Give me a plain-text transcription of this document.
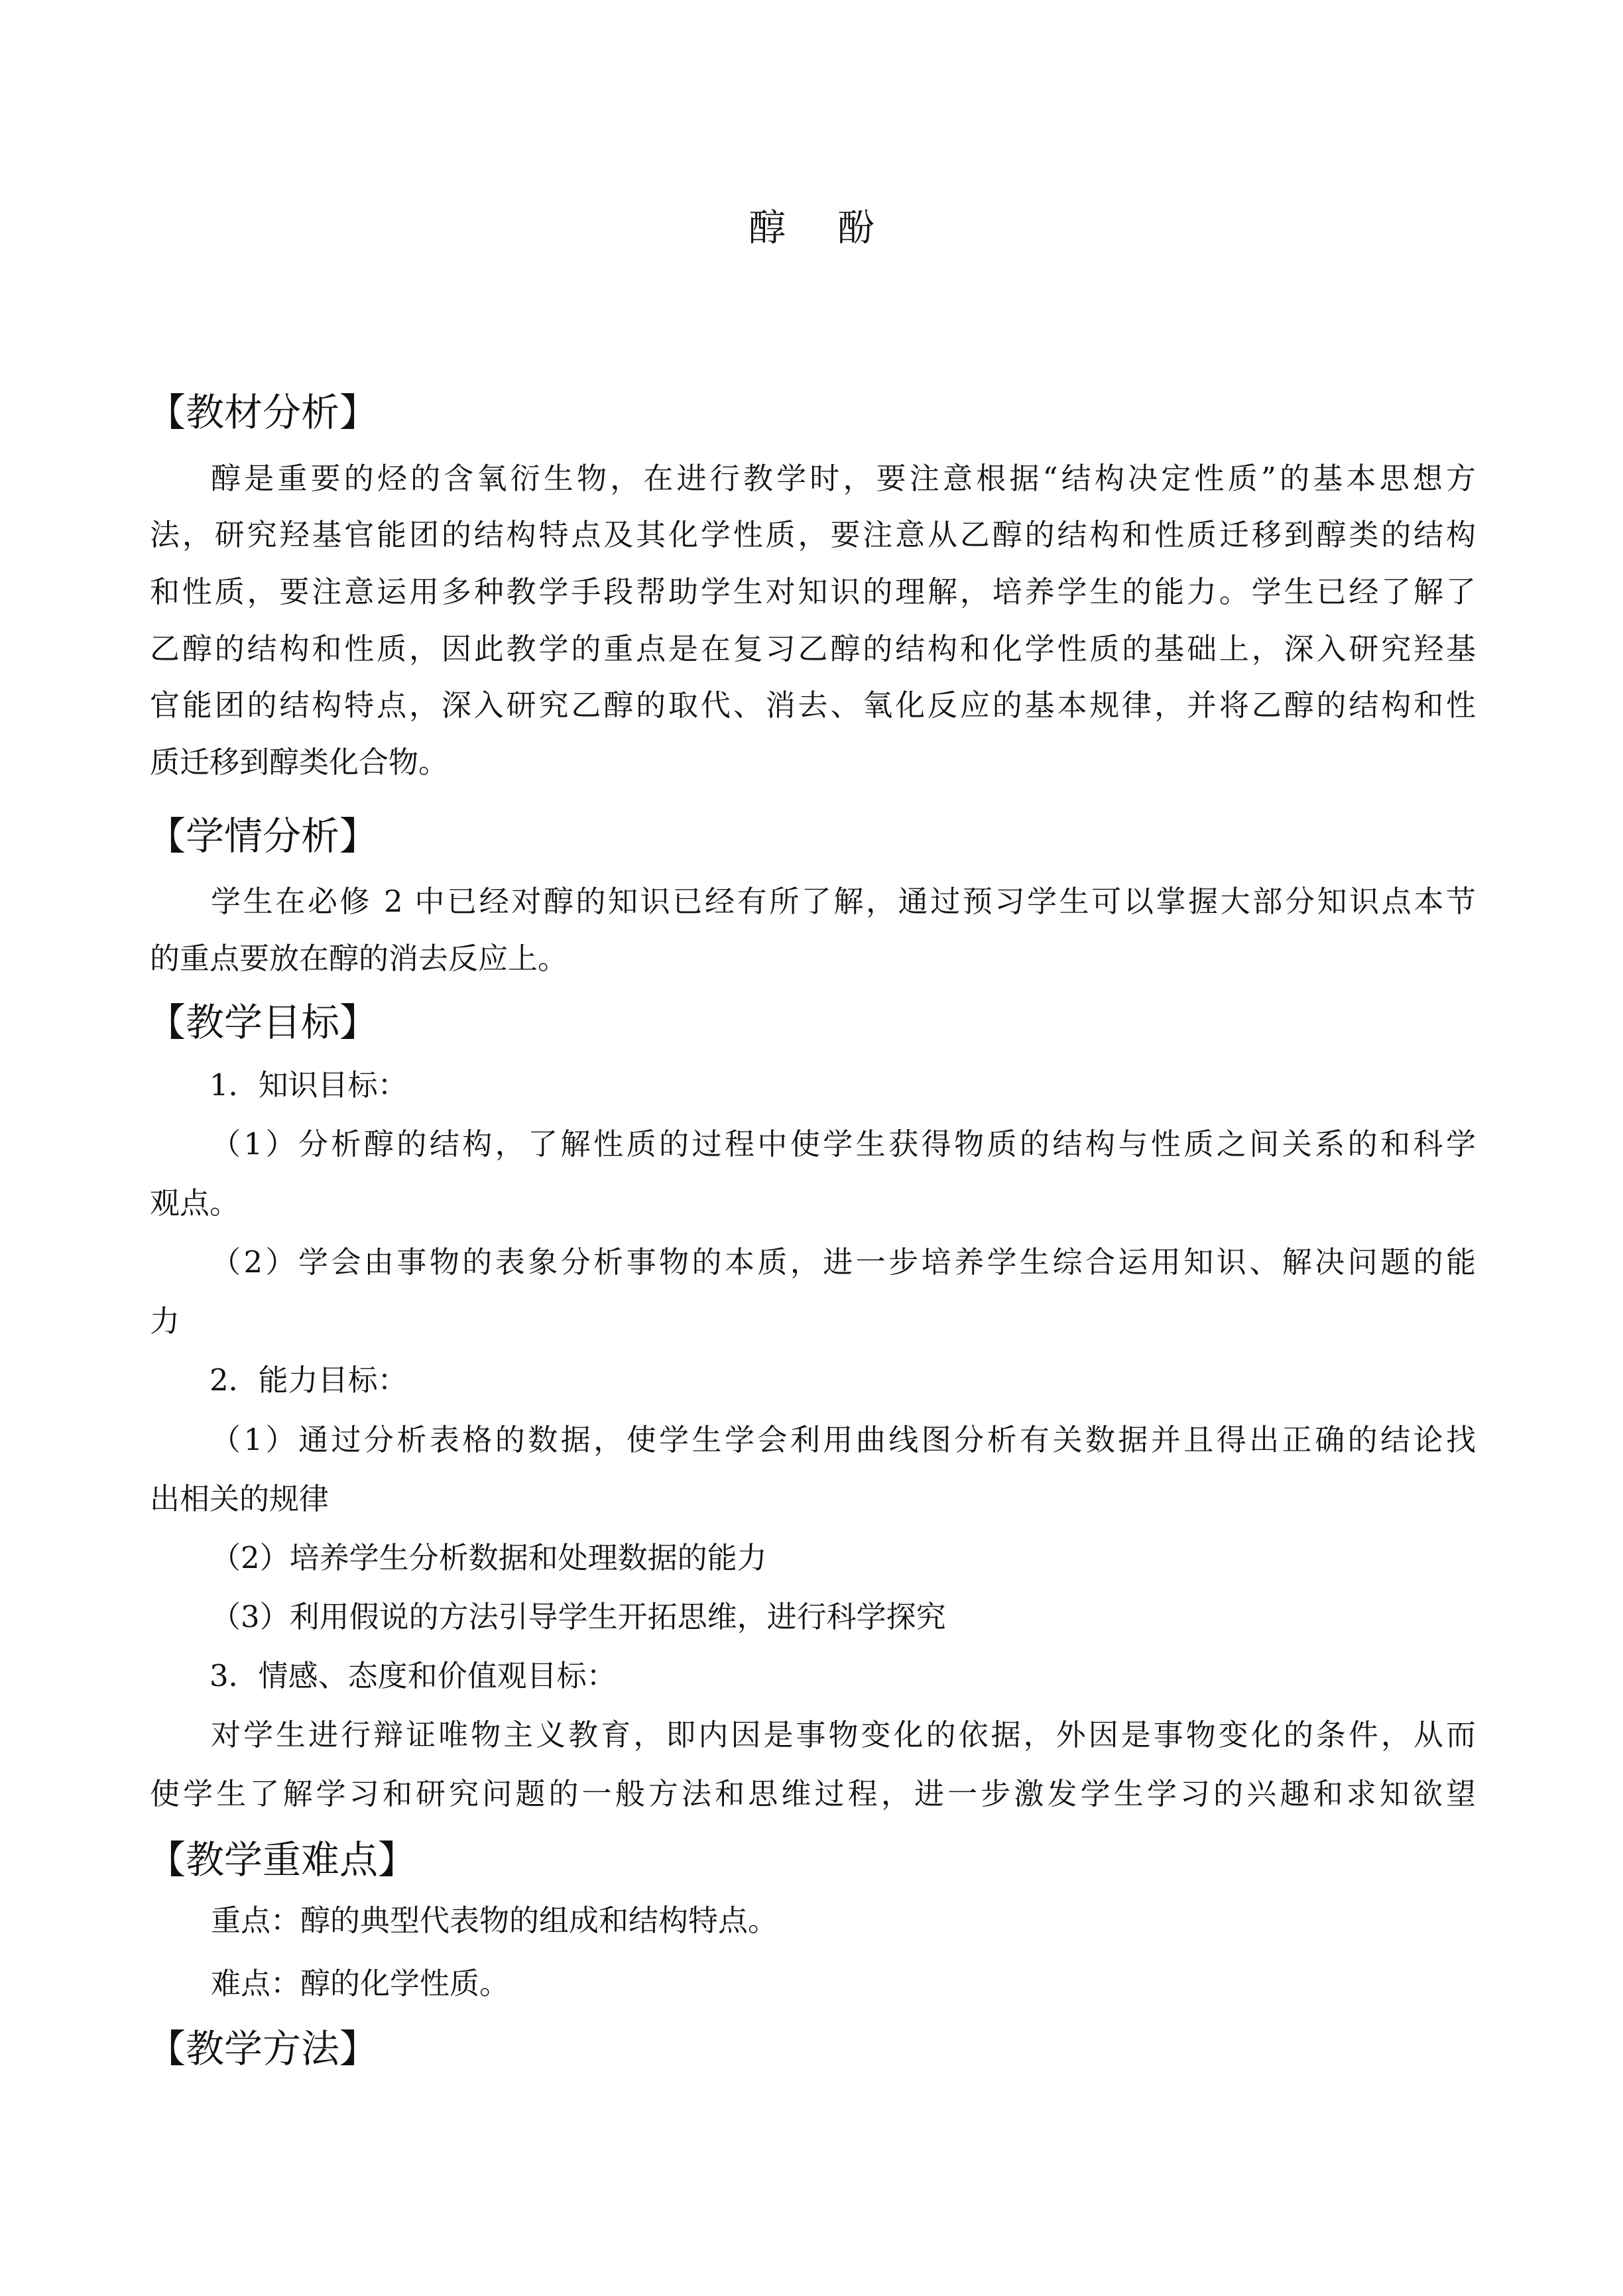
醇 酚
【教材分析】
醇是重要的烃的含氧衍生物，在进行教学时，要注意根据“结构决定性质”的基本思想方
法，研究羟基官能团的结构特点及其化学性质，要注意从乙醇的结构和性质迁移到醇类的结构
和性质，要注意运用多种教学手段帮助学生对知识的理解，培养学生的能力。学生已经了解了
乙醇的结构和性质，因此教学的重点是在复习乙醇的结构和化学性质的基础上，深入研究羟基
官能团的结构特点，深入研究乙醇的取代、消去、氧化反应的基本规律，并将乙醇的结构和性
质迁移到醇类化合物。
【学情分析】
学生在必修 2 中已经对醇的知识已经有所了解，通过预习学生可以掌握大部分知识点本节
的重点要放在醇的消去反应上。
【教学目标】
1．知识目标：
（1）分析醇的结构，了解性质的过程中使学生获得物质的结构与性质之间关系的和科学
观点。
（2）学会由事物的表象分析事物的本质，进一步培养学生综合运用知识、解决问题的能
力
2．能力目标：
（1）通过分析表格的数据，使学生学会利用曲线图分析有关数据并且得出正确的结论找
出相关的规律
（2）培养学生分析数据和处理数据的能力
（3）利用假说的方法引导学生开拓思维，进行科学探究
3．情感、态度和价值观目标：
对学生进行辩证唯物主义教育，即内因是事物变化的依据，外因是事物变化的条件，从而
使学生了解学习和研究问题的一般方法和思维过程，进一步激发学生学习的兴趣和求知欲望
【教学重难点】
重点：醇的典型代表物的组成和结构特点。
难点：醇的化学性质。
【教学方法】
